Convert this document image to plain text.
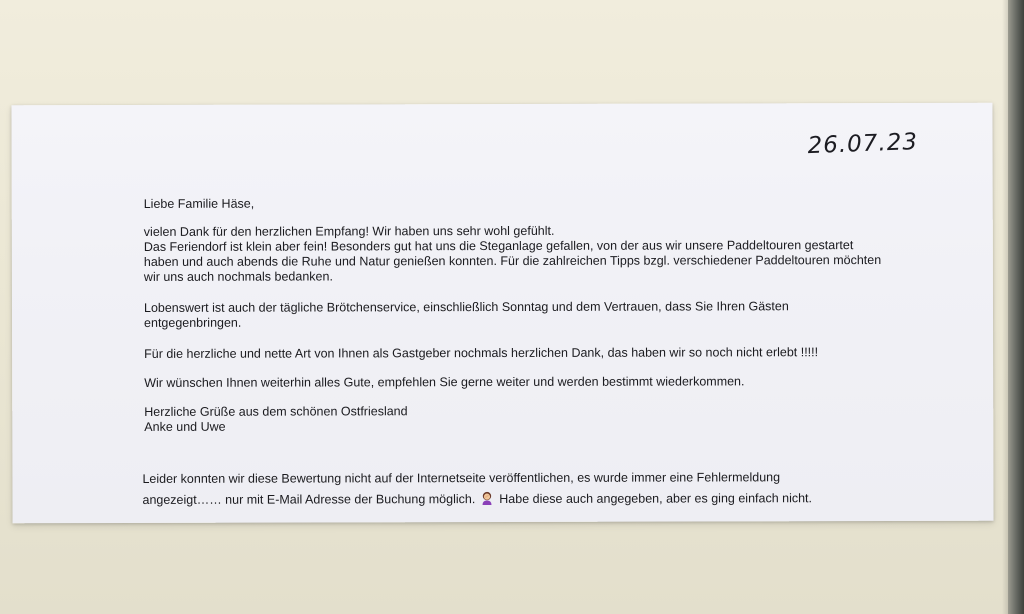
26.07.23

Liebe Familie Häse,

vielen Dank für den herzlichen Empfang! Wir haben uns sehr wohl gefühlt.

Das Feriendorf ist klein aber fein! Besonders gut hat uns die Steganlage gefallen, von der aus wir unsere Paddeltouren gestartet haben und auch abends die Ruhe und Natur genießen konnten. Für die zahlreichen Tipps bzgl. verschiedener Paddeltouren möchten wir uns auch nochmals bedanken.

Lobenswert ist auch der tägliche Brötchenservice, einschließlich Sonntag und dem Vertrauen, dass Sie Ihren Gästen entgegenbringen.

Für die herzliche und nette Art von Ihnen als Gastgeber nochmals herzlichen Dank, das haben wir so noch nicht erlebt !!!!!

Wir wünschen Ihnen weiterhin alles Gute, empfehlen Sie gerne weiter und werden bestimmt wiederkommen.

Herzliche Grüße aus dem schönen Ostfriesland

Anke und Uwe

Leider konnten wir diese Bewertung nicht auf der Internetseite veröffentlichen, es wurde immer eine Fehlermeldung
angezeigt…… nur mit E-Mail Adresse der Buchung möglich. Habe diese auch angegeben, aber es ging einfach nicht.
